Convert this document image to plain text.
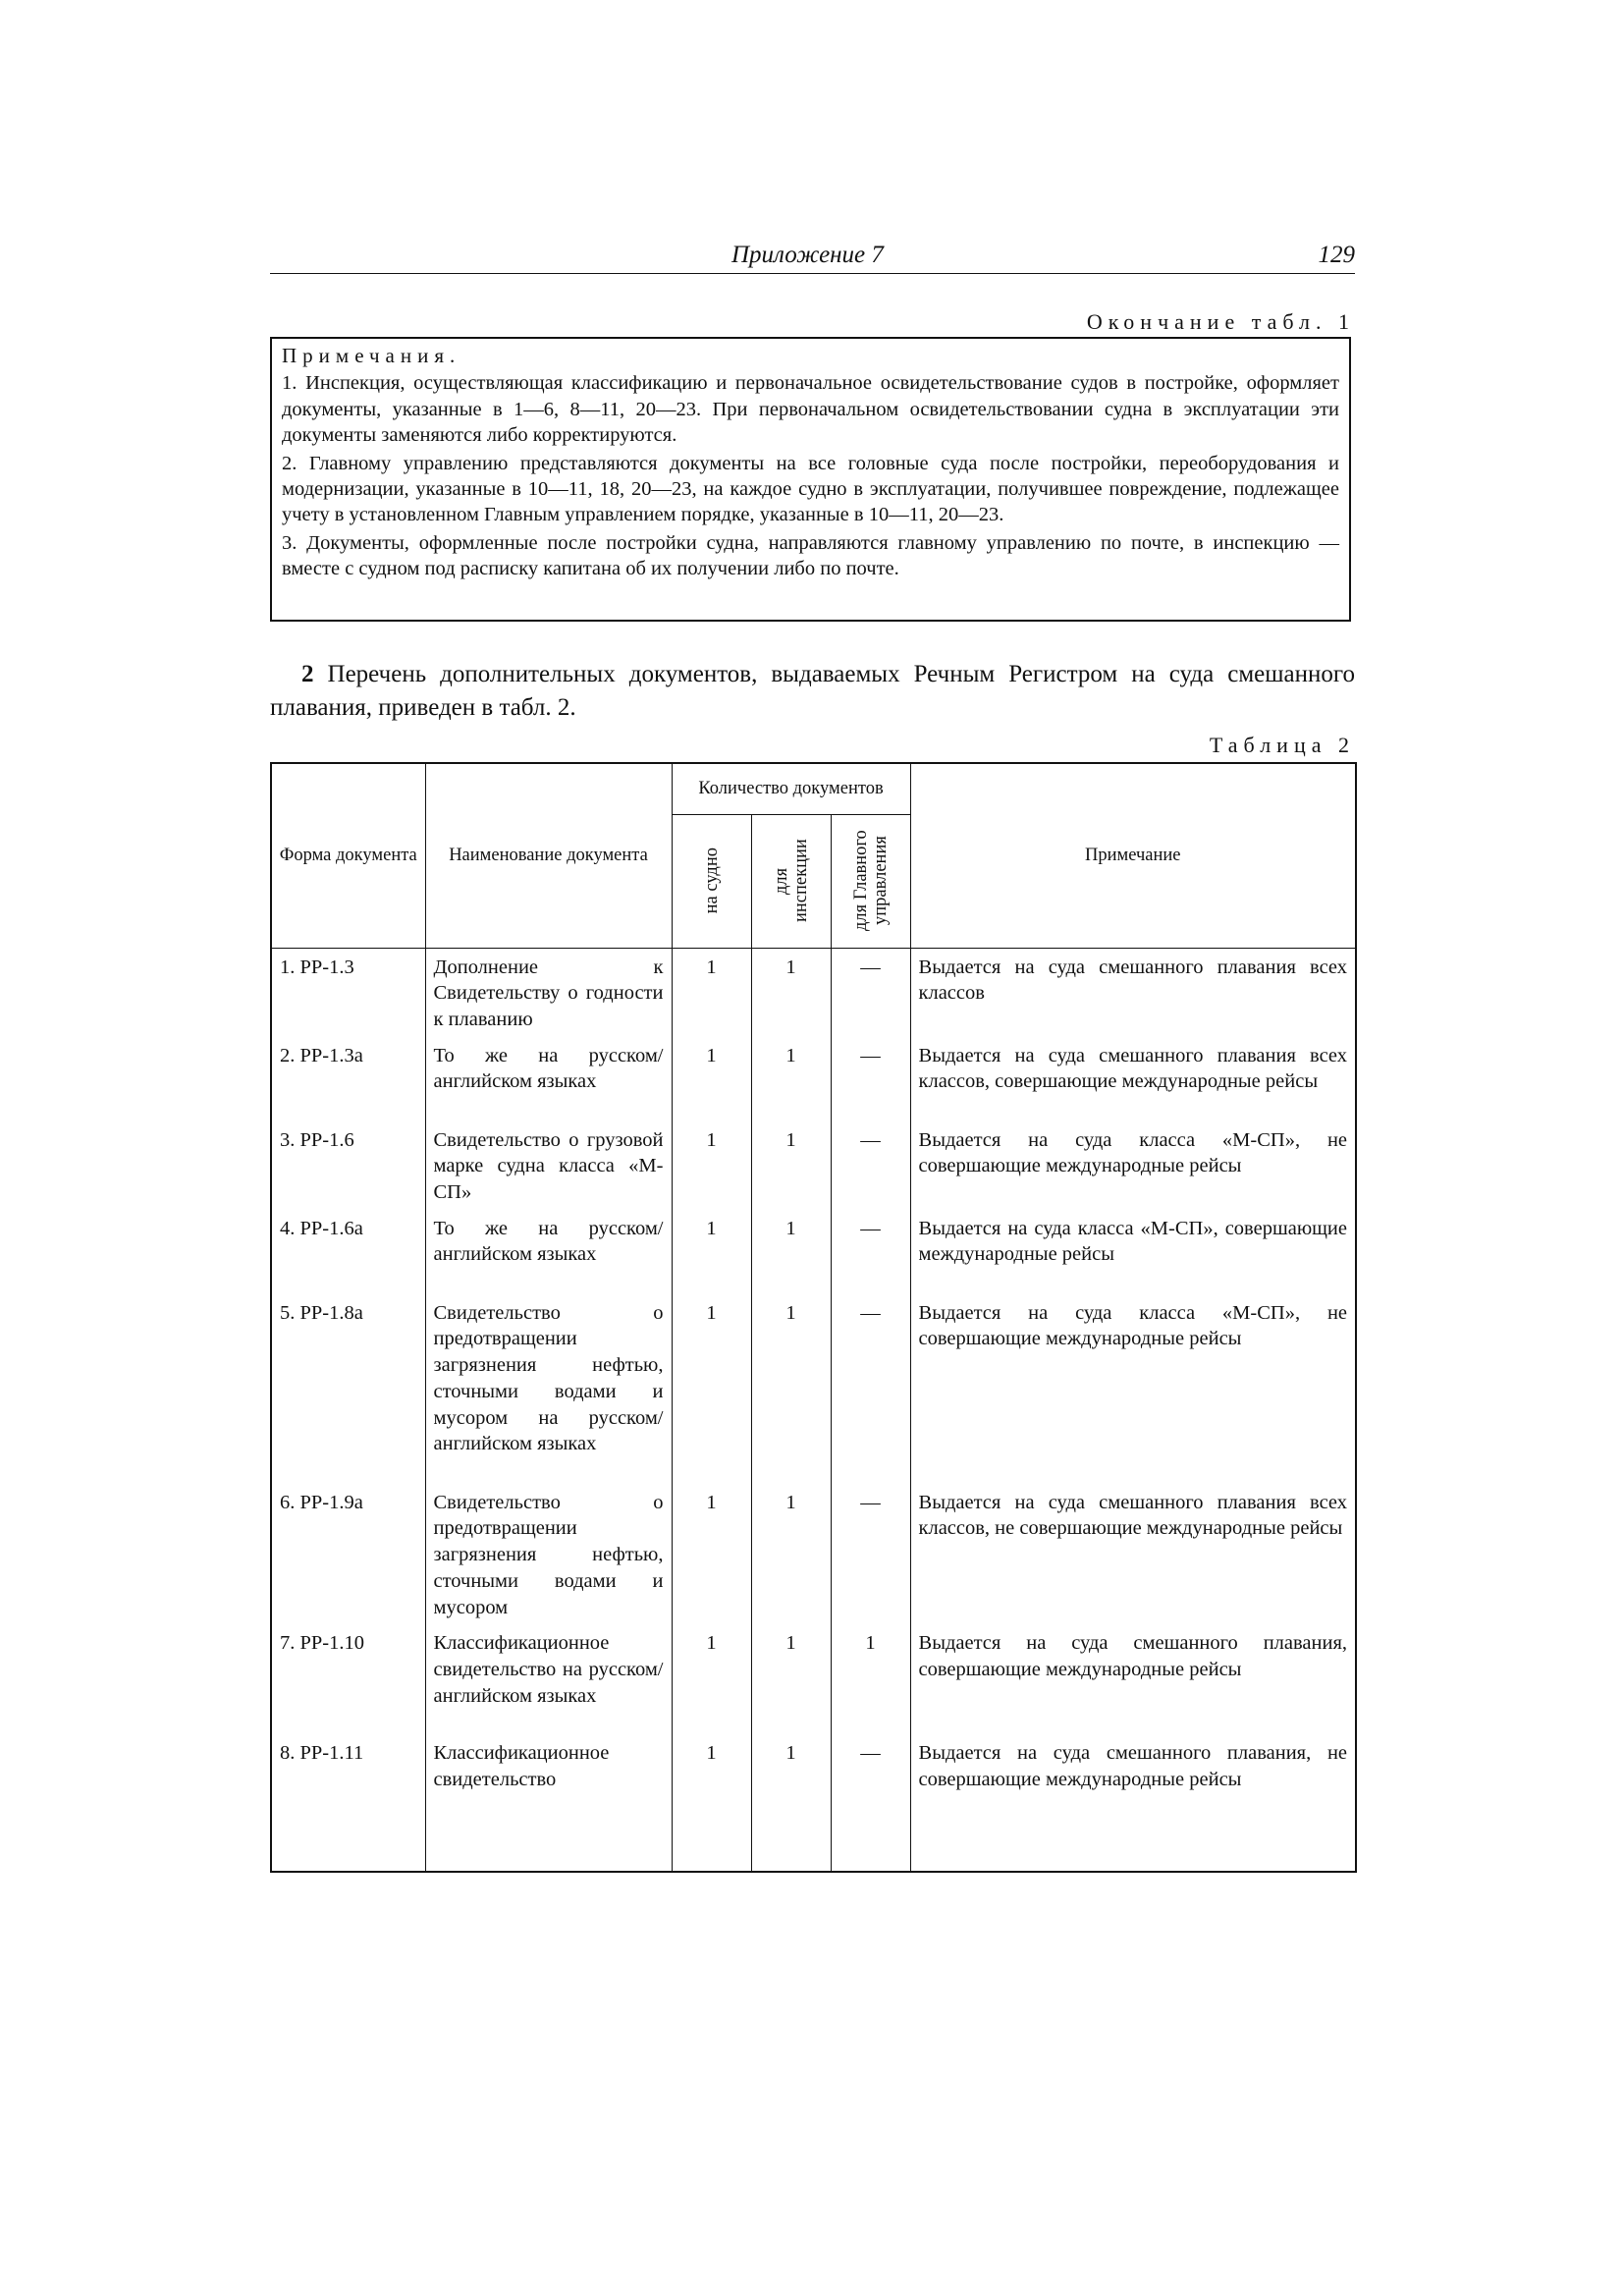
Приложение 7	129
Окончание табл. 1
Примечания.

1. Инспекция, осуществляющая классификацию и первоначальное освидетельствование судов в постройке, оформляет документы, указанные в 1—6, 8—11, 20—23. При первоначальном освидетельствовании судна в эксплуатации эти документы заменяются либо корректируются.

2. Главному управлению представляются документы на все головные суда после постройки, переоборудования и модернизации, указанные в 10—11, 18, 20—23, на каждое судно в эксплуатации, получившее повреждение, подлежащее учету в установленном Главным управлением порядке, указанные в 10—11, 20—23.

3. Документы, оформленные после постройки судна, направляются главному управлению по почте, в инспекцию — вместе с судном под расписку капитана об их получении либо по почте.

2 Перечень дополнительных документов, выдаваемых Речным Регистром на суда смешанного плавания, приведен в табл. 2.

Таблица 2
Форма документа	Наименование документа	Количество документов			Примечание

		на судно	для инспекции	для Главного управления	

1. РР-1.3	Дополнение к Свидетельству о годности к плаванию	1	1	—	Выдается на суда смешанного плавания всех классов
2. РР-1.3а	То же на русском/английском языках	1	1	—	Выдается на суда смешанного плавания всех классов, совершающие международные рейсы
3. РР-1.6	Свидетельство о грузовой марке судна класса «М-СП»	1	1	—	Выдается на суда класса «М-СП», не совершающие международные рейсы
4. РР-1.6а	То же на русском/английском языках	1	1	—	Выдается на суда класса «М-СП», совершающие международные рейсы
5. РР-1.8а	Свидетельство о предотвращении загрязнения нефтью, сточными водами и мусором на русском/английском языках	1	1	—	Выдается на суда класса «М-СП», не совершающие международные рейсы
6. РР-1.9а	Свидетельство о предотвращении загрязнения нефтью, сточными водами и мусором	1	1	—	Выдается на суда смешанного плавания всех классов, не совершающие международные рейсы
7. РР-1.10	Классификационное свидетельство на русском/английском языках	1	1	1	Выдается на суда смешанного плавания, совершающие международные рейсы
8. РР-1.11	Классификационное свидетельство	1	1	—	Выдается на суда смешанного плавания, не совершающие международные рейсы
